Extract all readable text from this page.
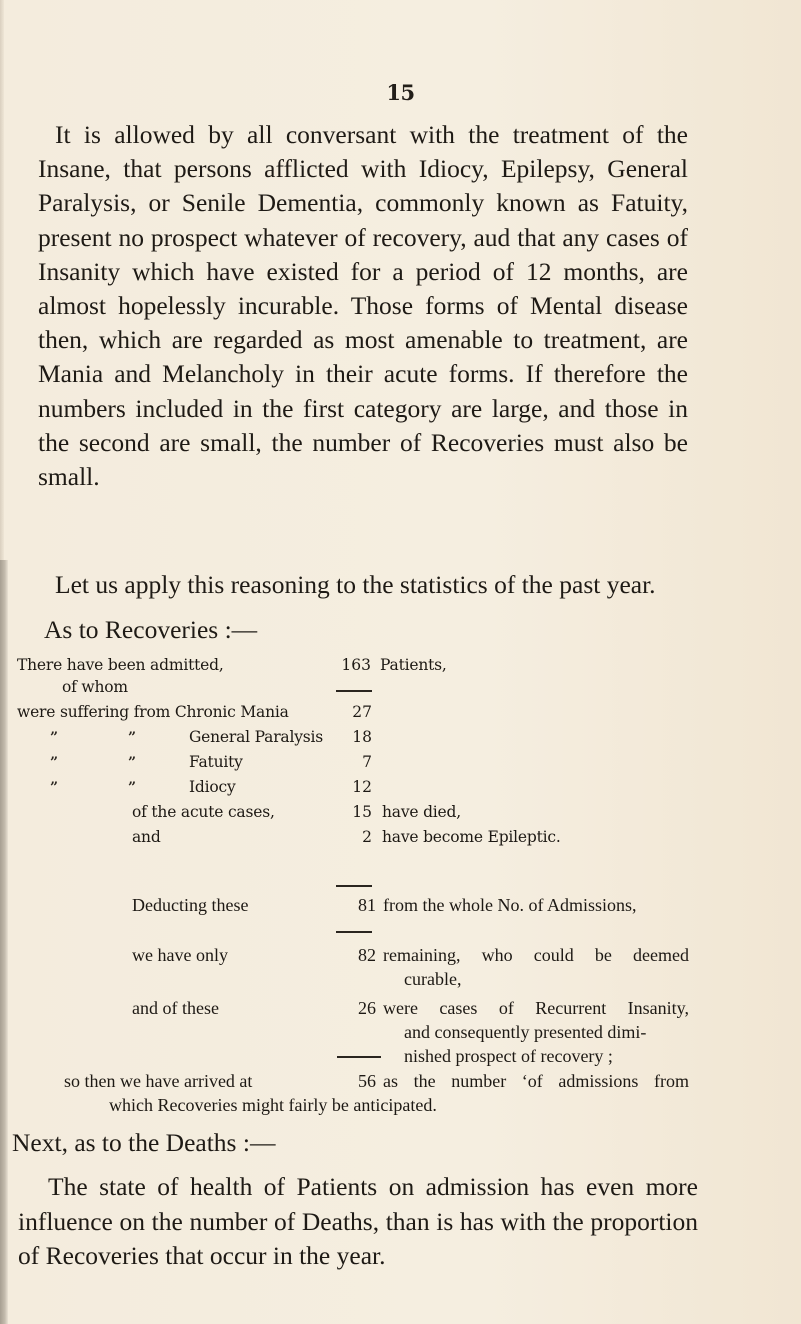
15

It is allowed by all conversant with the treatment of the Insane, that persons afflicted with Idiocy, Epilepsy, General Paralysis, or Senile Dementia, commonly known as Fatuity, present no prospect whatever of recovery, aud that any cases of Insanity which have existed for a period of 12 months, are almost hopelessly incurable. Those forms of Mental disease then, which are regarded as most amenable to treatment, are Mania and Melancholy in their acute forms. If therefore the numbers included in the first category are large, and those in the second are small, the number of Recoveries must also be small.

Let us apply this reasoning to the statistics of the past year.

As to Recoveries :—
There have been admitted,	163 Patients,
of whom
were suffering from Chronic Mania	27
”	”	General Paralysis	18
”	”	Fatuity	7
”	”	Idiocy	12
of the acute cases,	15 have died,
and	2 have become Epileptic.
Deducting these	81 from the whole No. of Admissions,
we have only	82 remaining, who could be deemed
curable,
and of these	26 were cases of Recurrent Insanity,
and consequently presented dimi-
nished prospect of recovery ;
so then we have arrived at	56 as the number ʻof admissions from
which Recoveries might fairly be anticipated.
Next, as to the Deaths :—

The state of health of Patients on admission has even more influence on the number of Deaths, than is has with the proportion of Recoveries that occur in the year.
